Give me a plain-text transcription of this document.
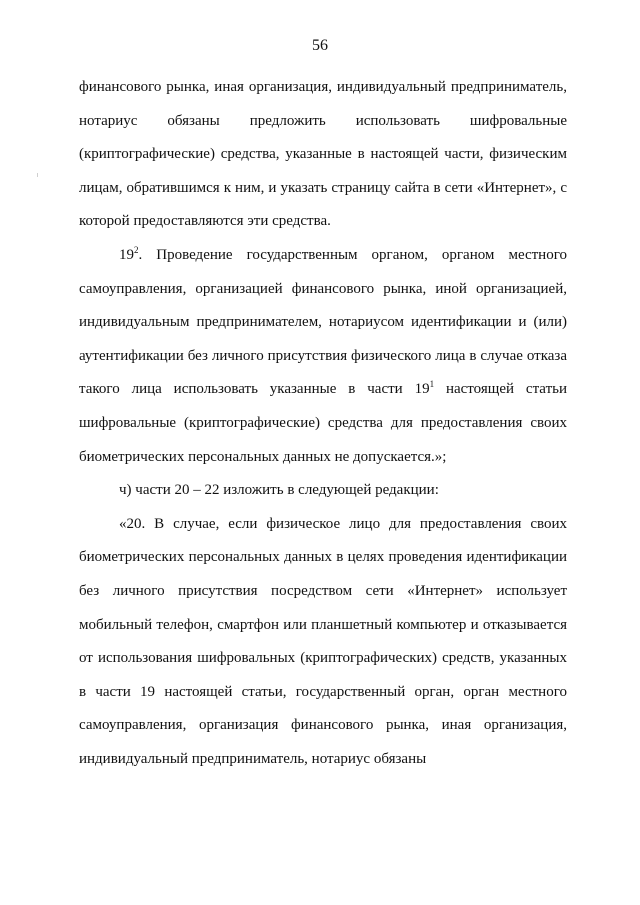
56

финансового рынка, иная организация, индивидуальный предприниматель, нотариус обязаны предложить использовать шифровальные (криптографические) средства, указанные в настоящей части, физическим лицам, обратившимся к ним, и указать страницу сайта в сети «Интернет», с которой предоставляются эти средства.

$19^2$. Проведение государственным органом, органом местного самоуправления, организацией финансового рынка, иной организацией, индивидуальным предпринимателем, нотариусом идентификации и (или) аутентификации без личного присутствия физического лица в случае отказа такого лица использовать указанные в части $19^1$ настоящей статьи шифровальные (криптографические) средства для предоставления своих биометрических персональных данных не допускается.»;

ч) части 20 – 22 изложить в следующей редакции:

«20. В случае, если физическое лицо для предоставления своих биометрических персональных данных в целях проведения идентификации без личного присутствия посредством сети «Интернет» использует мобильный телефон, смартфон или планшетный компьютер и отказывается от использования шифровальных (криптографических) средств, указанных в части 19 настоящей статьи, государственный орган, орган местного самоуправления, организация финансового рынка, иная организация, индивидуальный предприниматель, нотариус обязаны
